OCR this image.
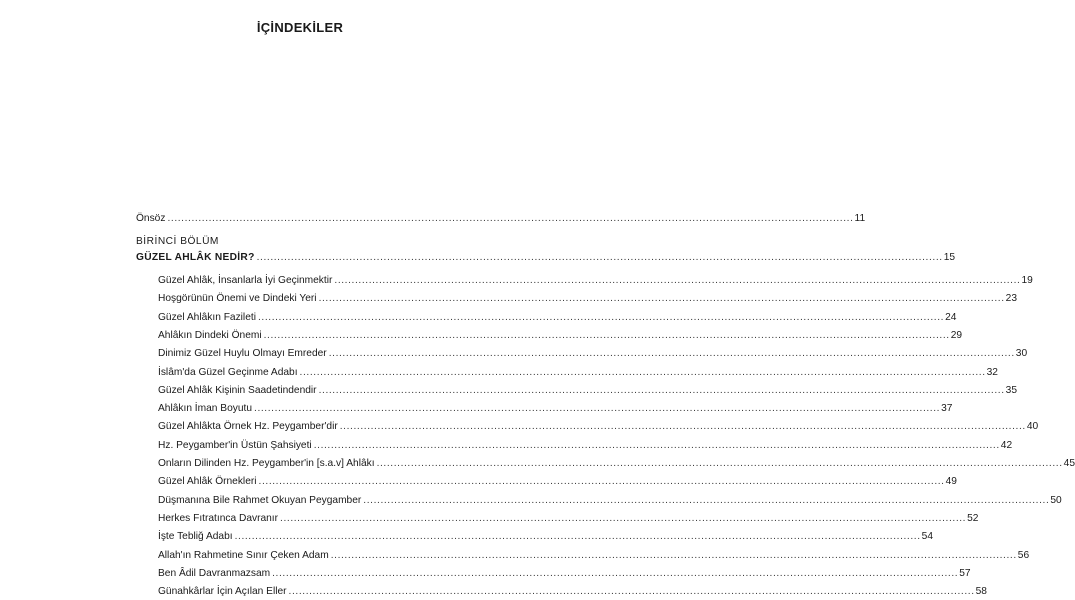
İÇİNDEKİLER
Önsöz ........................................................................................................................................................................................................ 11
BİRİNCİ BÖLÜM
GÜZEL AHLÂK NEDİR? ........................................................................................................................................................................................................ 15
Güzel Ahlâk, İnsanlarla İyi Geçinmektir ........................................................................................................................................................................................................ 19
Hoşgörünün Önemi ve Dindeki Yeri ........................................................................................................................................................................................................ 23
Güzel Ahlâkın Fazileti ........................................................................................................................................................................................................ 24
Ahlâkın Dindeki Önemi ........................................................................................................................................................................................................ 29
Dinimiz Güzel Huylu Olmayı Emreder ........................................................................................................................................................................................................ 30
İslâm'da Güzel Geçinme Adabı ........................................................................................................................................................................................................ 32
Güzel Ahlâk Kişinin Saadetindendir ........................................................................................................................................................................................................ 35
Ahlâkın İman Boyutu ........................................................................................................................................................................................................ 37
Güzel Ahlâkta Örnek Hz. Peygamber'dir ........................................................................................................................................................................................................ 40
Hz. Peygamber'in Üstün Şahsiyeti ........................................................................................................................................................................................................ 42
Onların Dilinden Hz. Peygamber'in [s.a.v] Ahlâkı ........................................................................................................................................................................................................ 45
Güzel Ahlâk Örnekleri ........................................................................................................................................................................................................ 49
Düşmanına Bile Rahmet Okuyan Peygamber ........................................................................................................................................................................................................ 50
Herkes Fıtratınca Davranır ........................................................................................................................................................................................................ 52
İşte Tebliğ Adabı ........................................................................................................................................................................................................ 54
Allah'ın Rahmetine Sınır Çeken Adam ........................................................................................................................................................................................................ 56
Ben Âdil Davranmazsam ........................................................................................................................................................................................................ 57
Günahkârlar İçin Açılan Eller ........................................................................................................................................................................................................ 58
